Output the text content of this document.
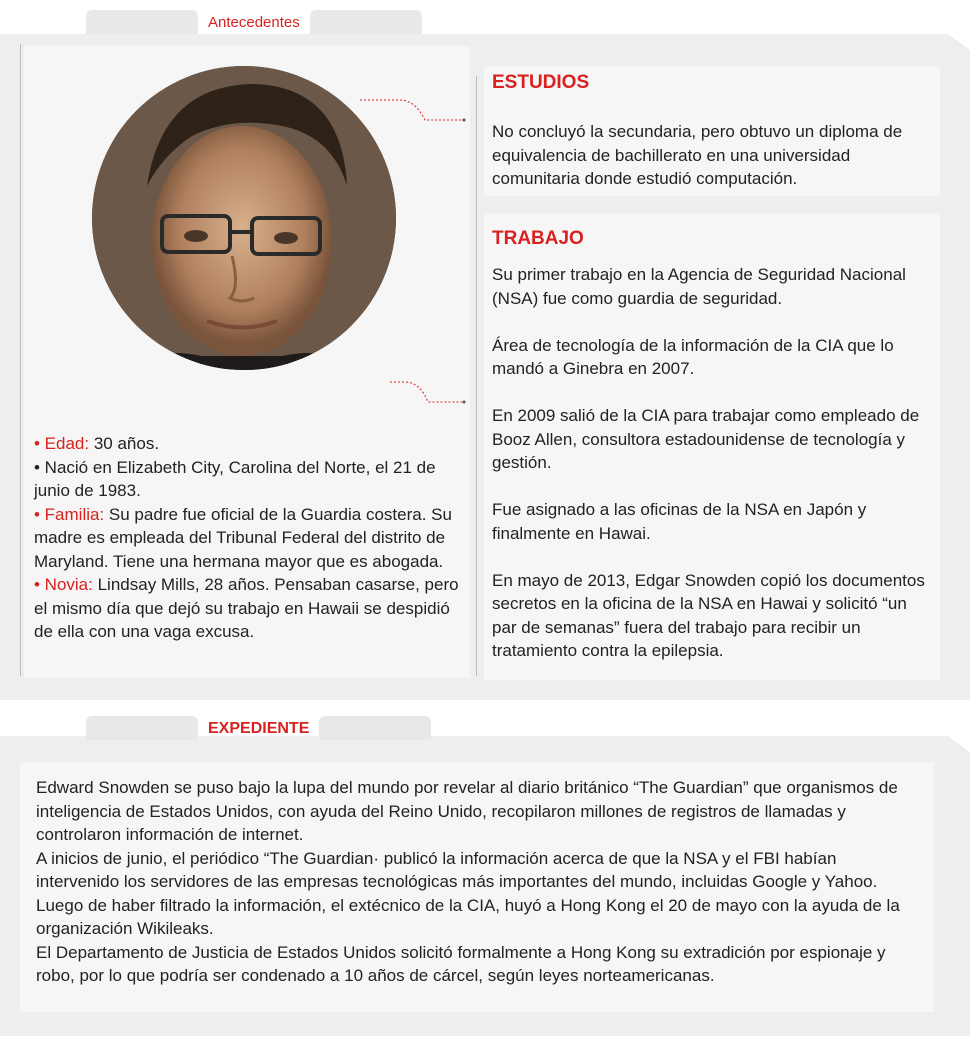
Antecedentes

• Edad: 30 años.

• Nació en Elizabeth City, Carolina del Norte, el 21 de junio de 1983.

• Familia: Su padre fue oficial de la Guardia costera. Su madre es empleada del Tribunal Federal del distrito de Maryland. Tiene una hermana mayor que es abogada.

• Novia: Lindsay Mills, 28 años. Pensaban casarse, pero el mismo día que dejó su trabajo en Hawaii se despidió de ella con una vaga excusa.

ESTUDIOS

No concluyó la secundaria, pero obtuvo un diploma de equivalencia de bachillerato en una universidad comunitaria donde estudió computación.

TRABAJO

Su primer trabajo en la Agencia de Seguridad Nacional (NSA) fue como guardia de seguridad.

Área de tecnología de la información de la CIA que lo mandó a Ginebra en 2007.

En 2009 salió de la CIA para trabajar como empleado de Booz Allen, consultora estadounidense de tecnología y gestión.

Fue asignado a las oficinas de la NSA en Japón y finalmente en Hawai.

En mayo de 2013, Edgar Snowden copió los documentos secretos en la oficina de la NSA en Hawai y solicitó “un par de semanas” fuera del trabajo para recibir un tratamiento contra la epilepsia.

EXPEDIENTE

Edward Snowden se puso bajo la lupa del mundo por revelar al diario británico “The Guardian” que organismos de inteligencia de Estados Unidos, con ayuda del Reino Unido, recopilaron millones de registros de llamadas y controlaron información de internet.

A inicios de junio, el periódico “The Guardian· publicó la información acerca de que la NSA y el FBI habían intervenido los servidores de las empresas tecnológicas más importantes del mundo, incluidas Google y Yahoo.

Luego de haber filtrado la información, el extécnico de la CIA, huyó a Hong Kong el 20 de mayo con la ayuda de la organización Wikileaks.

El Departamento de Justicia de Estados Unidos solicitó formalmente a Hong Kong su extradición por espionaje y robo, por lo que podría ser condenado a 10 años de cárcel, según leyes norteamericanas.
